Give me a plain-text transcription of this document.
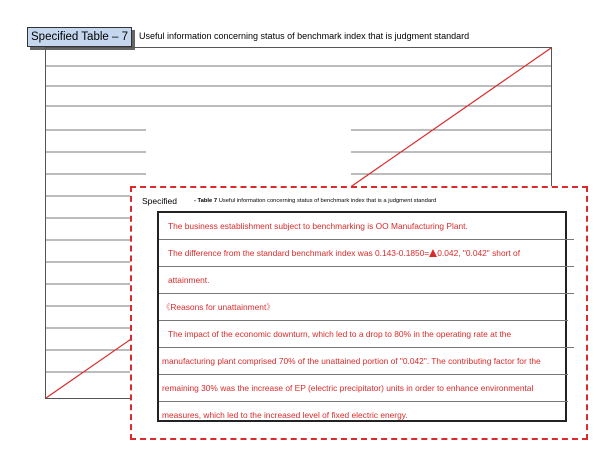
Specified Table – 7	Useful information concerning status of benchmark index that is judgment standard
Specified	- Table 7 Useful information concerning status of benchmark index that is a judgment standard
The business establishment subject to benchmarking is OO Manufacturing Plant.
The difference from the standard benchmark index was 0.143-0.1850= 0.042, "0.042" short of
attainment.
《Reasons for unattainment》
The impact of the economic downturn, which led to a drop to 80% in the operating rate at the
manufacturing plant comprised 70% of the unattained portion of "0.042". The contributing factor for the
remaining 30% was the increase of EP (electric precipitator) units in order to enhance environmental
measures, which led to the increased level of fixed electric energy.
